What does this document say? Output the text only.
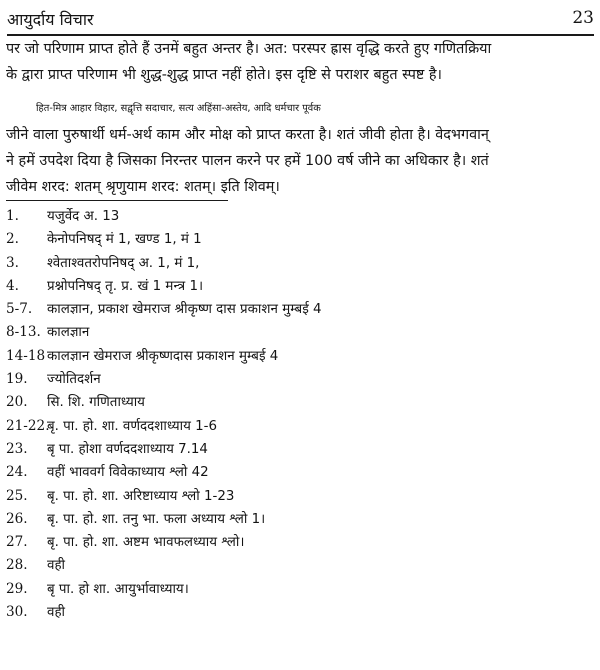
आयुर्दाय विचार	23
पर जो परिणाम प्राप्त होते हैं उनमें बहुत अन्तर है। अत: परस्पर ह्रास वृद्धि करते हुए गणितक्रिया
के द्वारा प्राप्त परिणाम भी शुद्ध-शुद्ध प्राप्त नहीं होते। इस दृष्टि से पराशर बहुत स्पष्ट है।
हित-मित्र आहार विहार, सद्वृत्ति सदाचार, सत्य अहिंसा-अस्तेय, आदि धर्मचार पूर्वक
जीने वाला पुरुषार्थी धर्म-अर्थ काम और मोक्ष को प्राप्त करता है। शतं जीवी होता है। वेदभगवान्
ने हमें उपदेश दिया है जिसका निरन्तर पालन करने पर हमें 100 वर्ष जीने का अधिकार है। शतं
जीवेम शरद: शतम् श्रृणुयाम शरद: शतम्। इति शिवम्।
1. यजुर्वेद अ. 13
2. केनोपनिषद् मं 1, खण्ड 1, मं 1
3. श्वेताश्वतरोपनिषद् अ. 1, मं 1,
4. प्रश्नोपनिषद् तृ. प्र. खं 1 मन्त्र 1।
5-7. कालज्ञान, प्रकाश खेमराज श्रीकृष्ण दास प्रकाशन मुम्बई 4
8-13. कालज्ञान
14-18 कालज्ञान खेमराज श्रीकृष्णदास प्रकाशन मुम्बई 4
19. ज्योतिदर्शन
20. सि. शि. गणिताध्याय
21-22.
बृ. पा. हो. शा. वर्णददशाध्याय 1-6
23. बृ पा. होशा वर्णददशाध्याय 7.14
24. वहीं भाववर्ग विवेकाध्याय श्लो 42
25. बृ. पा. हो. शा. अरिष्टाध्याय श्लो 1-23
26. बृ. पा. हो. शा. तनु भा. फला अध्याय श्लो 1।
27. बृ. पा. हो. शा. अष्टम भावफलध्याय श्लो।
28. वही
29. बृ पा. हो शा. आयुर्भावाध्याय।
30. वही
